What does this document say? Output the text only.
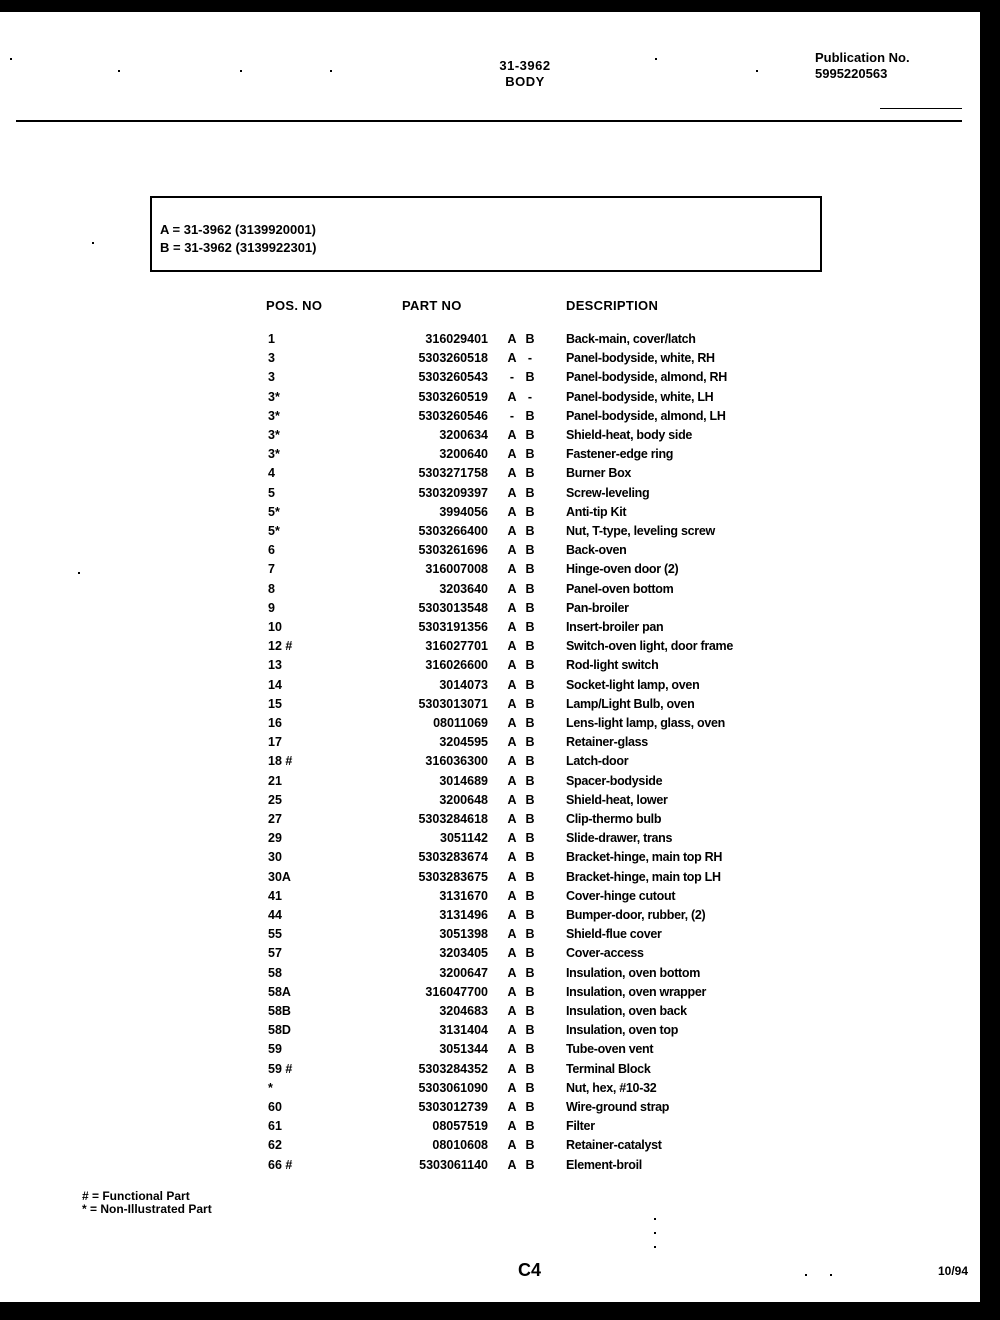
31-3962
BODY
Publication No.
5995220563
A = 31-3962 (3139920001)
B = 31-3962 (3139922301)
POS. NO	PART NO	DESCRIPTION
1	316029401 A B	Back-main, cover/latch
3	5303260518 A -	Panel-bodyside, white, RH
3	5303260543	- B	Panel-bodyside, almond, RH
3*	5303260519 A -	Panel-bodyside, white, LH
3*	5303260546	- B	Panel-bodyside, almond, LH
3*	3200634 A B	Shield-heat, body side
3*	3200640 A B	Fastener-edge ring
4	5303271758 A B	Burner Box
5	5303209397 A B	Screw-leveling
5*	3994056 A B	Anti-tip Kit
5*	5303266400 A B	Nut, T-type, leveling screw
6	5303261696 A B	Back-oven
7	316007008 A B	Hinge-oven door (2)
8	3203640 A B	Panel-oven bottom
9	5303013548 A B	Pan-broiler
10	5303191356 A B	Insert-broiler pan
12 #	316027701 A B	Switch-oven light, door frame
13	316026600 A B	Rod-light switch
14	3014073 A B	Socket-light lamp, oven
15	5303013071 A B	Lamp/Light Bulb, oven
16	08011069 A B	Lens-light lamp, glass, oven
17	3204595 A B	Retainer-glass
18 #	316036300 A B	Latch-door
21	3014689 A B	Spacer-bodyside
25	3200648 A B	Shield-heat, lower
27	5303284618 A B	Clip-thermo bulb
29	3051142 A B	Slide-drawer, trans
30	5303283674 A B	Bracket-hinge, main top RH
30A	5303283675 A B	Bracket-hinge, main top LH
41	3131670 A B	Cover-hinge cutout
44	3131496 A B	Bumper-door, rubber, (2)
55	3051398 A B	Shield-flue cover
57	3203405 A B	Cover-access
58	3200647 A B	Insulation, oven bottom
58A	316047700 A B	Insulation, oven wrapper
58B	3204683 A B	Insulation, oven back
58D	3131404 A B	Insulation, oven top
59	3051344 A B	Tube-oven vent
59 #	5303284352 A B	Terminal Block
*	5303061090 A B	Nut, hex, #10-32
60	5303012739 A B	Wire-ground strap
61	08057519 A B	Filter
62	08010608 A B	Retainer-catalyst
66 #	5303061140 A B	Element-broil
# = Functional Part
* = Non-Illustrated Part
C4	10/94
